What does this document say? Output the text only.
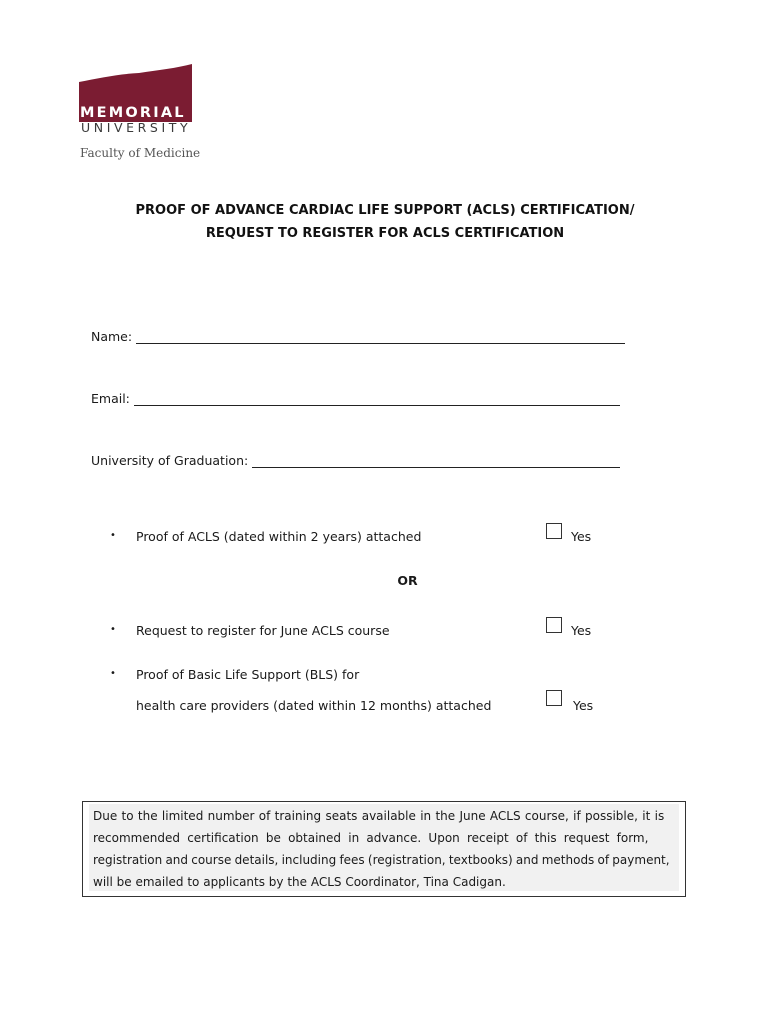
MEMORIAL
UNIVERSITY
Faculty of Medicine
PROOF OF ADVANCE CARDIAC LIFE SUPPORT (ACLS) CERTIFICATION/
REQUEST TO REGISTER FOR ACLS CERTIFICATION
Name:
Email:
University of Graduation:
• Proof of ACLS (dated within 2 years) attached	Yes
OR
• Request to register for June ACLS course	Yes
• Proof of Basic Life Support (BLS) for
health care providers (dated within 12 months) attached	Yes
Due to the limited number of training seats available in the June ACLS course, if possible, it is
recommended certification be obtained in advance. Upon receipt of this request form,
registration and course details, including fees (registration, textbooks) and methods of payment,
will be emailed to applicants by the ACLS Coordinator, Tina Cadigan.
